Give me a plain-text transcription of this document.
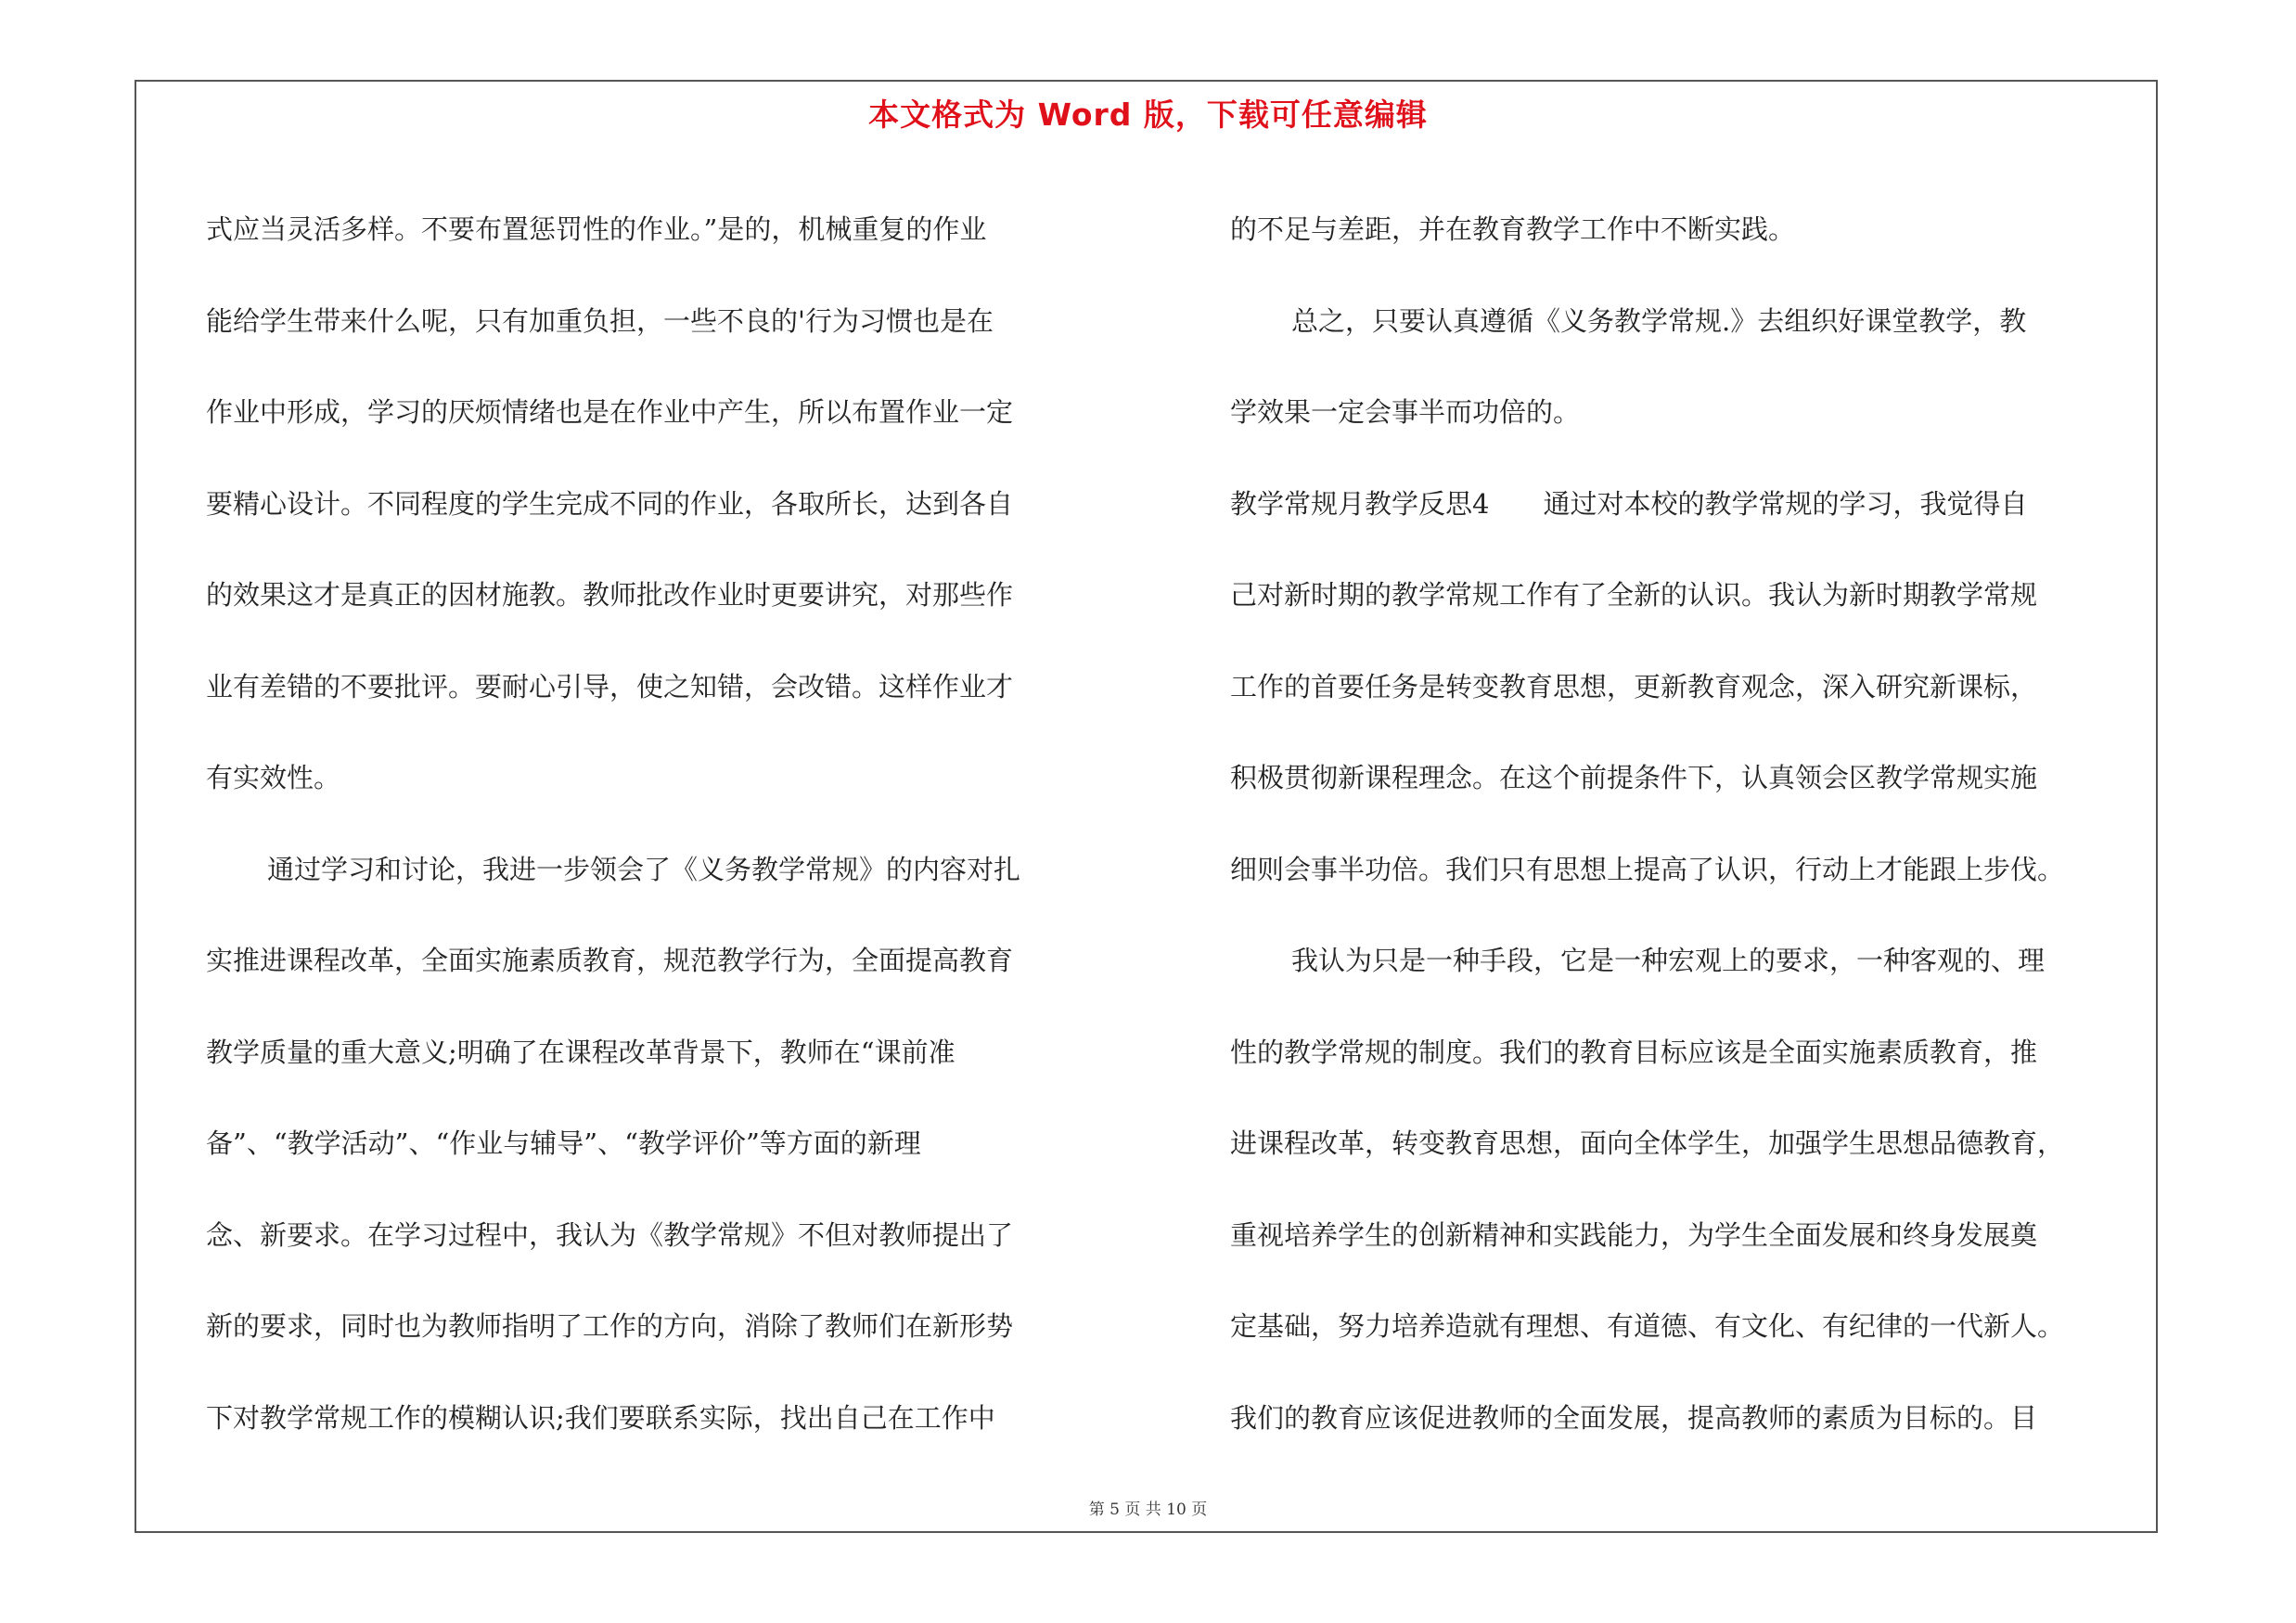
本文格式为 Word 版，下载可任意编辑
式应当灵活多样。不要布置惩罚性的作业。”是的，机械重复的作业
能给学生带来什么呢，只有加重负担，一些不良的'行为习惯也是在
作业中形成，学习的厌烦情绪也是在作业中产生，所以布置作业一定
要精心设计。不同程度的学生完成不同的作业，各取所长，达到各自
的效果这才是真正的因材施教。教师批改作业时更要讲究，对那些作
业有差错的不要批评。要耐心引导，使之知错，会改错。这样作业才
有实效性。
通过学习和讨论，我进一步领会了《义务教学常规》的内容对扎
实推进课程改革，全面实施素质教育，规范教学行为，全面提高教育
教学质量的重大意义;明确了在课程改革背景下，教师在“课前准
备”、“教学活动”、“作业与辅导”、“教学评价”等方面的新理
念、新要求。在学习过程中，我认为《教学常规》不但对教师提出了
新的要求，同时也为教师指明了工作的方向，消除了教师们在新形势
下对教学常规工作的模糊认识;我们要联系实际，找出自己在工作中
的不足与差距，并在教育教学工作中不断实践。
总之，只要认真遵循《义务教学常规.》去组织好课堂教学，教
学效果一定会事半而功倍的。
教学常规月教学反思4　　通过对本校的教学常规的学习，我觉得自
己对新时期的教学常规工作有了全新的认识。我认为新时期教学常规
工作的首要任务是转变教育思想，更新教育观念，深入研究新课标，
积极贯彻新课程理念。在这个前提条件下，认真领会区教学常规实施
细则会事半功倍。我们只有思想上提高了认识，行动上才能跟上步伐。
我认为只是一种手段，它是一种宏观上的要求，一种客观的、理
性的教学常规的制度。我们的教育目标应该是全面实施素质教育，推
进课程改革，转变教育思想，面向全体学生，加强学生思想品德教育，
重视培养学生的创新精神和实践能力，为学生全面发展和终身发展奠
定基础，努力培养造就有理想、有道德、有文化、有纪律的一代新人。
我们的教育应该促进教师的全面发展，提高教师的素质为目标的。目
第 5 页 共 10 页
